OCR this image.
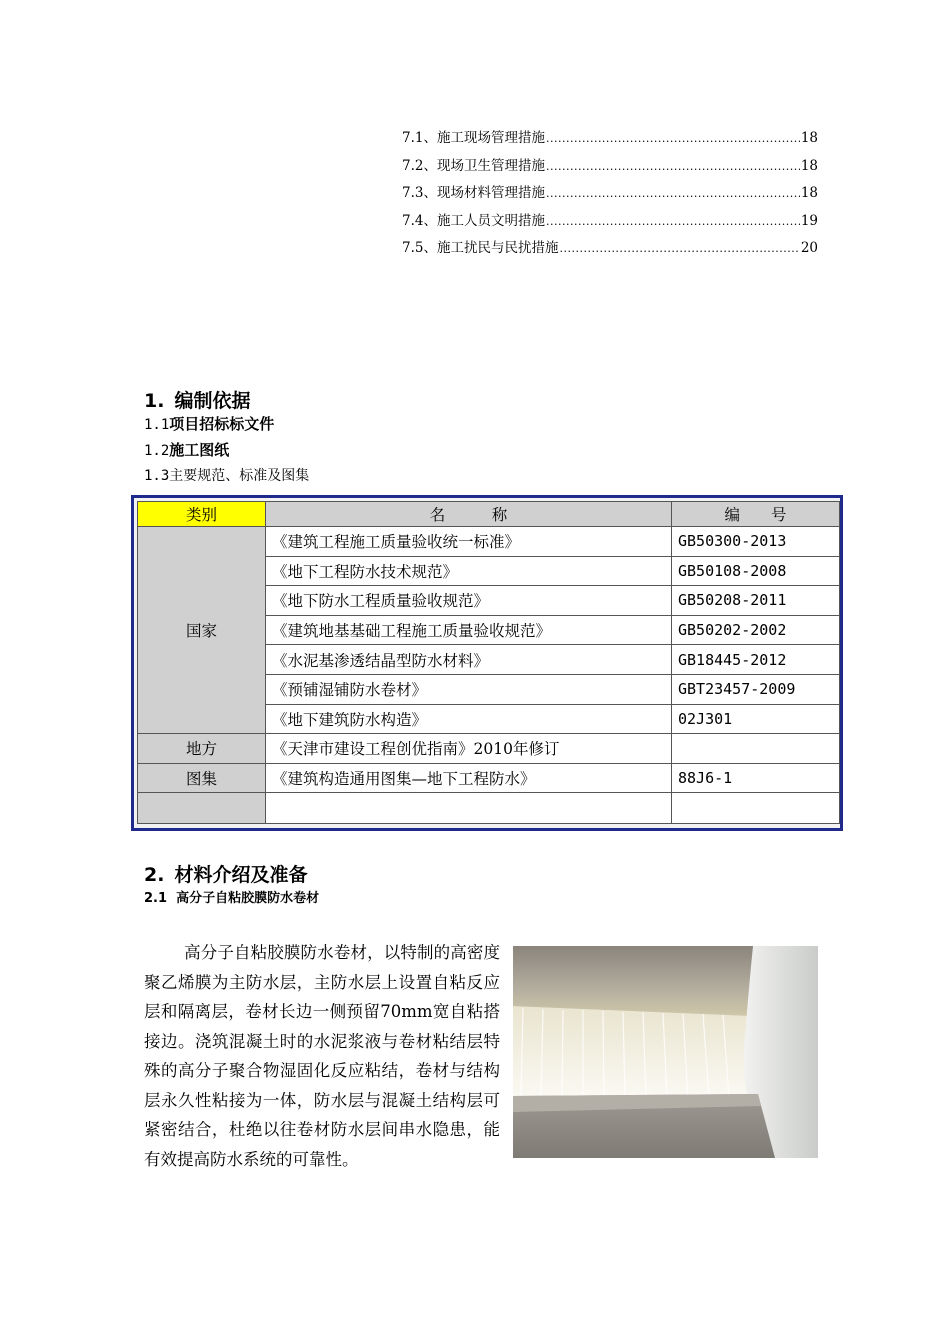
7.1、施工现场管理措施 .....	18
7.2、现场卫生管理措施 .....	18
7.3、现场材料管理措施 .....	18
7.4、施工人员文明措施 .....	19
7.5、施工扰民与民扰措施 .....	20
1. 编制依据
1.1项目招标标文件
1.2施工图纸
1.3主要规范、标准及图集
类别	名　　　称	编　　号
国家	《建筑工程施工质量验收统一标准》	GB50300-2013
	《地下工程防水技术规范》	GB50108-2008
	《地下防水工程质量验收规范》	GB50208-2011
	《建筑地基基础工程施工质量验收规范》	GB50202-2002
	《水泥基渗透结晶型防水材料》	GB18445-2012
	《预铺湿铺防水卷材》	GBT23457-2009
	《地下建筑防水构造》	02J301
地方	《天津市建设工程创优指南》2010年修订	
图集	《建筑构造通用图集—地下工程防水》	88J6-1

2. 材料介绍及准备
2.1 高分子自粘胶膜防水卷材
高分子自粘胶膜防水卷材，以特制的高密度聚乙烯膜为主防水层，主防水层上设置自粘反应层和隔离层，卷材长边一侧预留70mm宽自粘搭接边。浇筑混凝土时的水泥浆液与卷材粘结层特殊的高分子聚合物湿固化反应粘结，卷材与结构层永久性粘接为一体，防水层与混凝土结构层可紧密结合，杜绝以往卷材防水层间串水隐患，能有效提高防水系统的可靠性。
